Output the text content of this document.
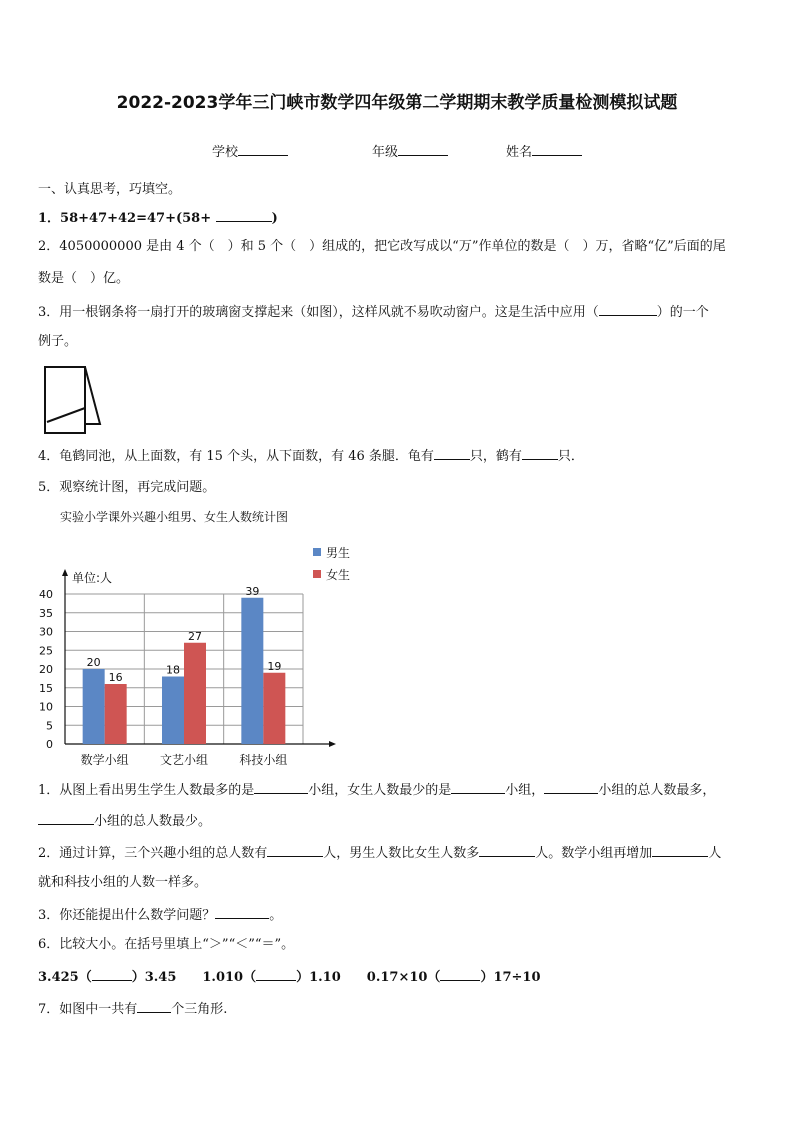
2022-2023学年三门峡市数学四年级第二学期期末教学质量检测模拟试题
学校	年级	姓名
一、认真思考，巧填空。
1．58+47+42=47+(58+	)
2．4050000000 是由 4 个（　）和 5 个（　）组成的，把它改写成以“万”作单位的数是（　）万，省略“亿”后面的尾
数是（　）亿。
3．用一根钢条将一扇打开的玻璃窗支撑起来（如图），这样风就不易吹动窗户。这是生活中应用（	）的一个
例子。
4．龟鹤同池，从上面数，有 15 个头，从下面数，有 46 条腿．龟有	只，鹤有	只．
5．观察统计图，再完成问题。
实验小学课外兴趣小组男、女生人数统计图
单位:人
20
16
18
27
39
19
0
5
10
15
20
25
30
35
40
数学小组	文艺小组	科技小组
男生
女生
1．从图上看出男生学生人数最多的是	小组，女生人数最少的是	小组，	小组的总人数最多，
小组的总人数最少。
2．通过计算，三个兴趣小组的总人数有	人，男生人数比女生人数多	人。数学小组再增加	人
就和科技小组的人数一样多。
3．你还能提出什么数学问题？	。
6．比较大小。在括号里填上“＞”“＜”“＝”。
3.425（	）3.45 1.010（	）1.10 0.17×10（	）17÷10
7．如图中一共有	个三角形.
